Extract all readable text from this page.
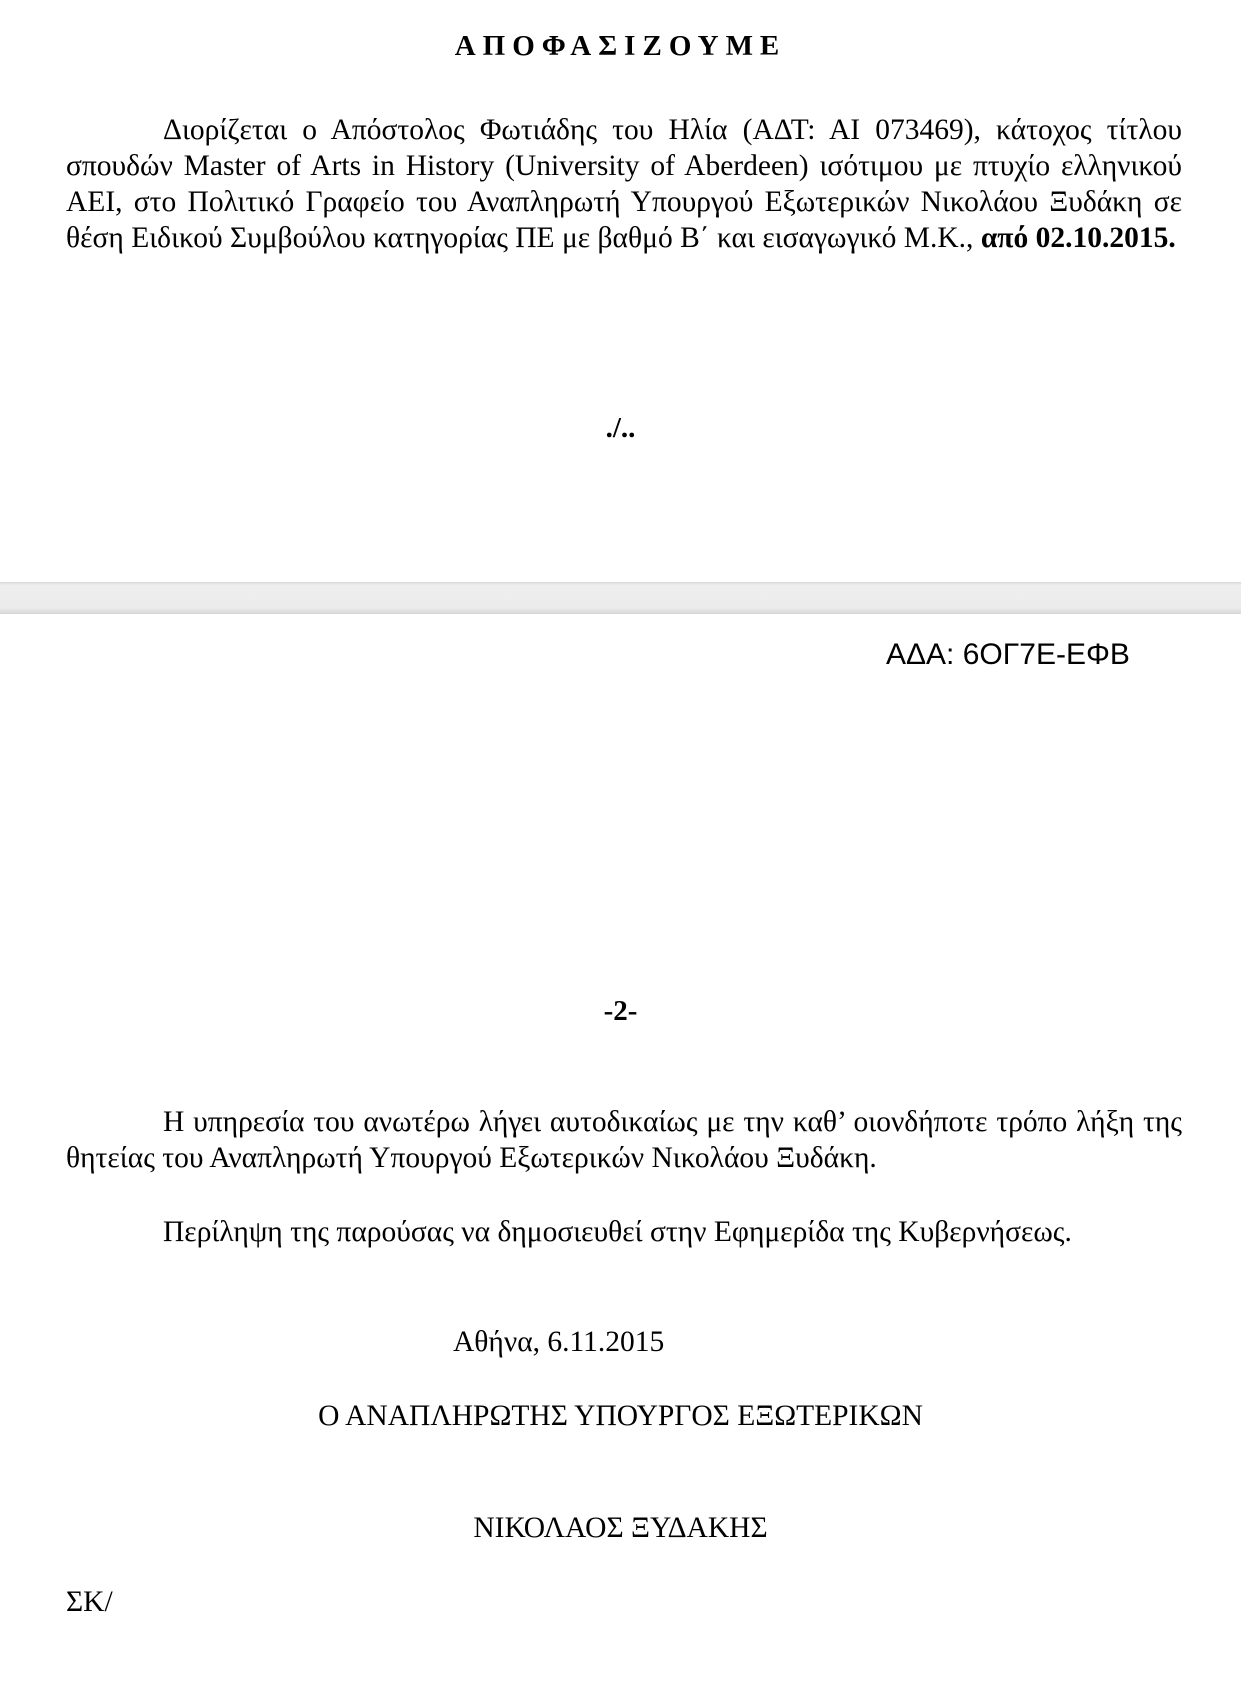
ΑΠΟΦΑΣΙΖΟΥΜΕ
Διορίζεται ο Απόστολος Φωτιάδης του Ηλία (ΑΔΤ: ΑΙ 073469), κάτοχος τίτλου σπουδών Master of Arts in History (University of Aberdeen) ισότιμου με πτυχίο ελληνικού ΑΕΙ, στο Πολιτικό Γραφείο του Αναπληρωτή Υπουργού Εξωτερικών Νικολάου Ξυδάκη σε θέση Ειδικού Συμβούλου κατηγορίας ΠΕ με βαθμό Β΄ και εισαγωγικό Μ.Κ., από 02.10.2015.
./..
ΑΔΑ: 6ΟΓ7Ε-ΕΦΒ
-2-
Η υπηρεσία του ανωτέρω λήγει αυτοδικαίως με την καθ’ οιονδήποτε τρόπο λήξη της θητείας του Αναπληρωτή Υπουργού Εξωτερικών Νικολάου Ξυδάκη.
Περίληψη της παρούσας να δημοσιευθεί στην Εφημερίδα της Κυβερνήσεως.
Αθήνα, 6.11.2015
Ο ΑΝΑΠΛΗΡΩΤΗΣ ΥΠΟΥΡΓΟΣ ΕΞΩΤΕΡΙΚΩΝ
ΝΙΚΟΛΑΟΣ ΞΥΔΑΚΗΣ
ΣΚ/
